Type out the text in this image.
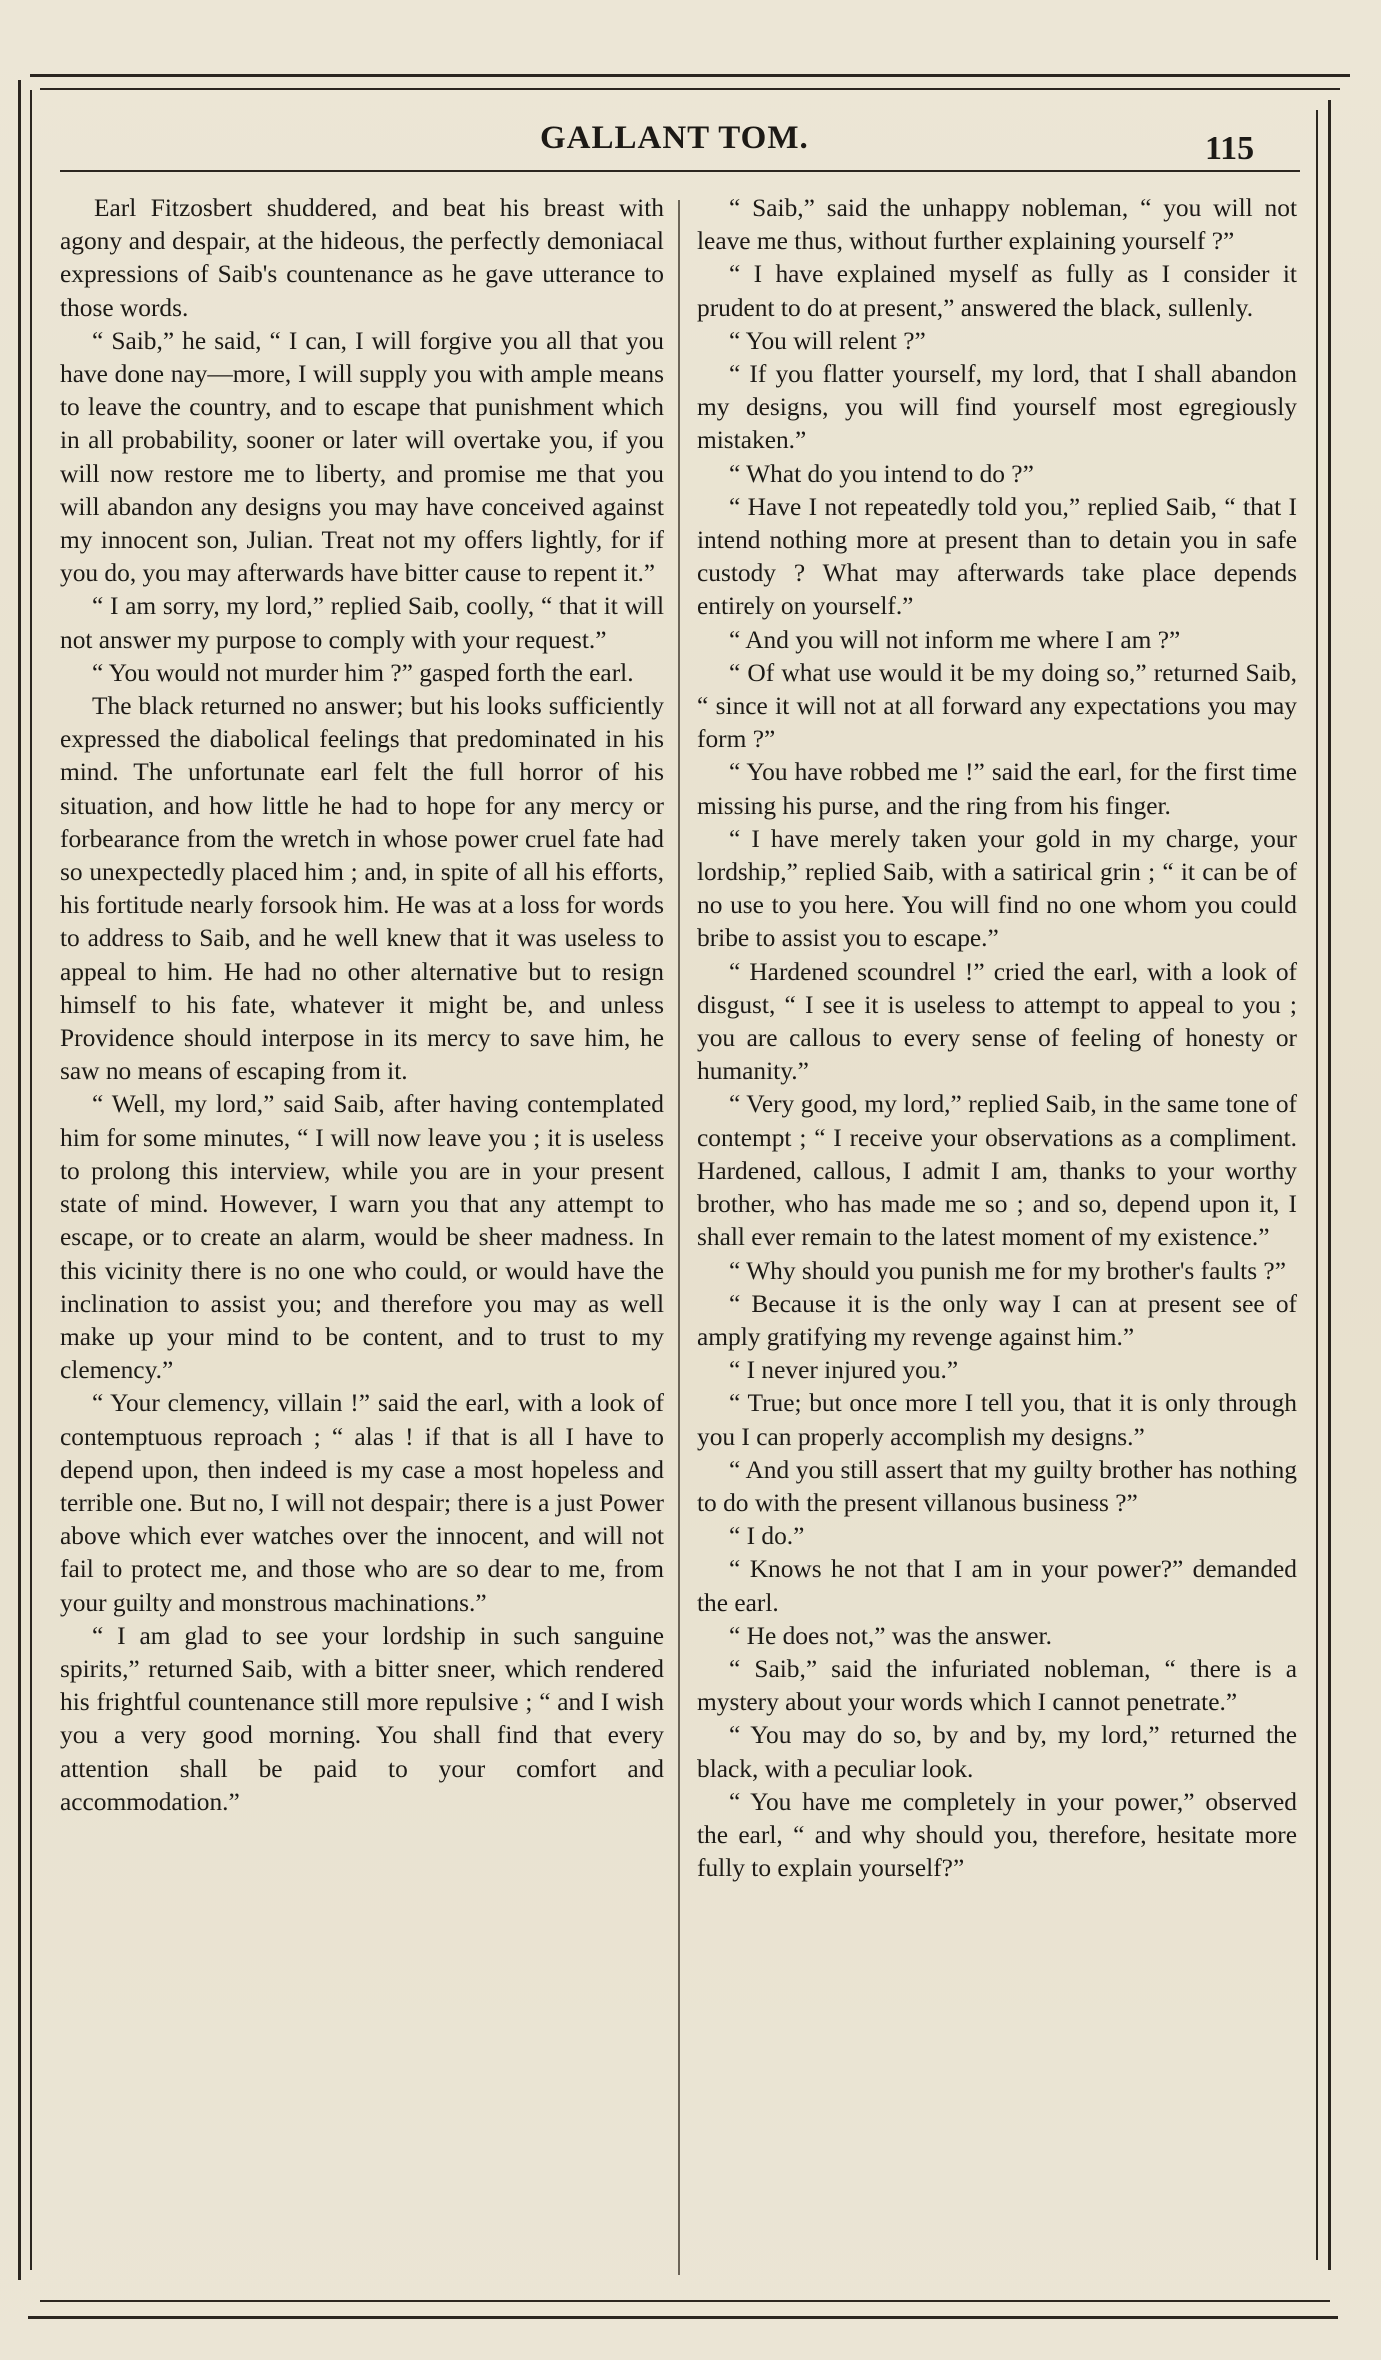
GALLANT TOM.	115

Earl Fitzosbert shuddered, and beat his breast with agony and despair, at the hideous, the perfectly demoniacal expressions of Saib's countenance as he gave utterance to those words.

“ Saib,” he said, “ I can, I will forgive you all that you have done nay—more, I will supply you with ample means to leave the country, and to escape that punishment which in all probability, sooner or later will overtake you, if you will now restore me to liberty, and promise me that you will abandon any designs you may have conceived against my innocent son, Julian. Treat not my offers lightly, for if you do, you may afterwards have bitter cause to repent it.”

“ I am sorry, my lord,” replied Saib, coolly, “ that it will not answer my purpose to comply with your request.”

“ You would not murder him ?” gasped forth the earl.

The black returned no answer; but his looks sufficiently expressed the diabolical feelings that predominated in his mind. The unfortunate earl felt the full horror of his situation, and how little he had to hope for any mercy or forbearance from the wretch in whose power cruel fate had so unexpectedly placed him ; and, in spite of all his efforts, his fortitude nearly forsook him. He was at a loss for words to address to Saib, and he well knew that it was useless to appeal to him. He had no other alternative but to resign himself to his fate, whatever it might be, and unless Providence should interpose in its mercy to save him, he saw no means of escaping from it.

“ Well, my lord,” said Saib, after having contemplated him for some minutes, “ I will now leave you ; it is useless to prolong this interview, while you are in your present state of mind. However, I warn you that any attempt to escape, or to create an alarm, would be sheer madness. In this vicinity there is no one who could, or would have the inclination to assist you; and therefore you may as well make up your mind to be content, and to trust to my clemency.”

“ Your clemency, villain !” said the earl, with a look of contemptuous reproach ; “ alas ! if that is all I have to depend upon, then indeed is my case a most hopeless and terrible one. But no, I will not despair; there is a just Power above which ever watches over the innocent, and will not fail to protect me, and those who are so dear to me, from your guilty and monstrous machinations.”

“ I am glad to see your lordship in such sanguine spirits,” returned Saib, with a bitter sneer, which rendered his frightful countenance still more repulsive ; “ and I wish you a very good morning. You shall find that every attention shall be paid to your comfort and accommodation.”

“ Saib,” said the unhappy nobleman, “ you will not leave me thus, without further explaining yourself ?”

“ I have explained myself as fully as I consider it prudent to do at present,” answered the black, sullenly.

“ You will relent ?”

“ If you flatter yourself, my lord, that I shall abandon my designs, you will find yourself most egregiously mistaken.”

“ What do you intend to do ?”

“ Have I not repeatedly told you,” replied Saib, “ that I intend nothing more at present than to detain you in safe custody ? What may afterwards take place depends entirely on yourself.”

“ And you will not inform me where I am ?”

“ Of what use would it be my doing so,” returned Saib, “ since it will not at all forward any expectations you may form ?”

“ You have robbed me !” said the earl, for the first time missing his purse, and the ring from his finger.

“ I have merely taken your gold in my charge, your lordship,” replied Saib, with a satirical grin ; “ it can be of no use to you here. You will find no one whom you could bribe to assist you to escape.”

“ Hardened scoundrel !” cried the earl, with a look of disgust, “ I see it is useless to attempt to appeal to you ; you are callous to every sense of feeling of honesty or humanity.”

“ Very good, my lord,” replied Saib, in the same tone of contempt ; “ I receive your observations as a compliment. Hardened, callous, I admit I am, thanks to your worthy brother, who has made me so ; and so, depend upon it, I shall ever remain to the latest moment of my existence.”

“ Why should you punish me for my brother's faults ?”

“ Because it is the only way I can at present see of amply gratifying my revenge against him.”

“ I never injured you.”

“ True; but once more I tell you, that it is only through you I can properly accomplish my designs.”

“ And you still assert that my guilty brother has nothing to do with the present villanous business ?”

“ I do.”

“ Knows he not that I am in your power?” demanded the earl.

“ He does not,” was the answer.

“ Saib,” said the infuriated nobleman, “ there is a mystery about your words which I cannot penetrate.”

“ You may do so, by and by, my lord,” returned the black, with a peculiar look.

“ You have me completely in your power,” observed the earl, “ and why should you, therefore, hesitate more fully to explain yourself?”
